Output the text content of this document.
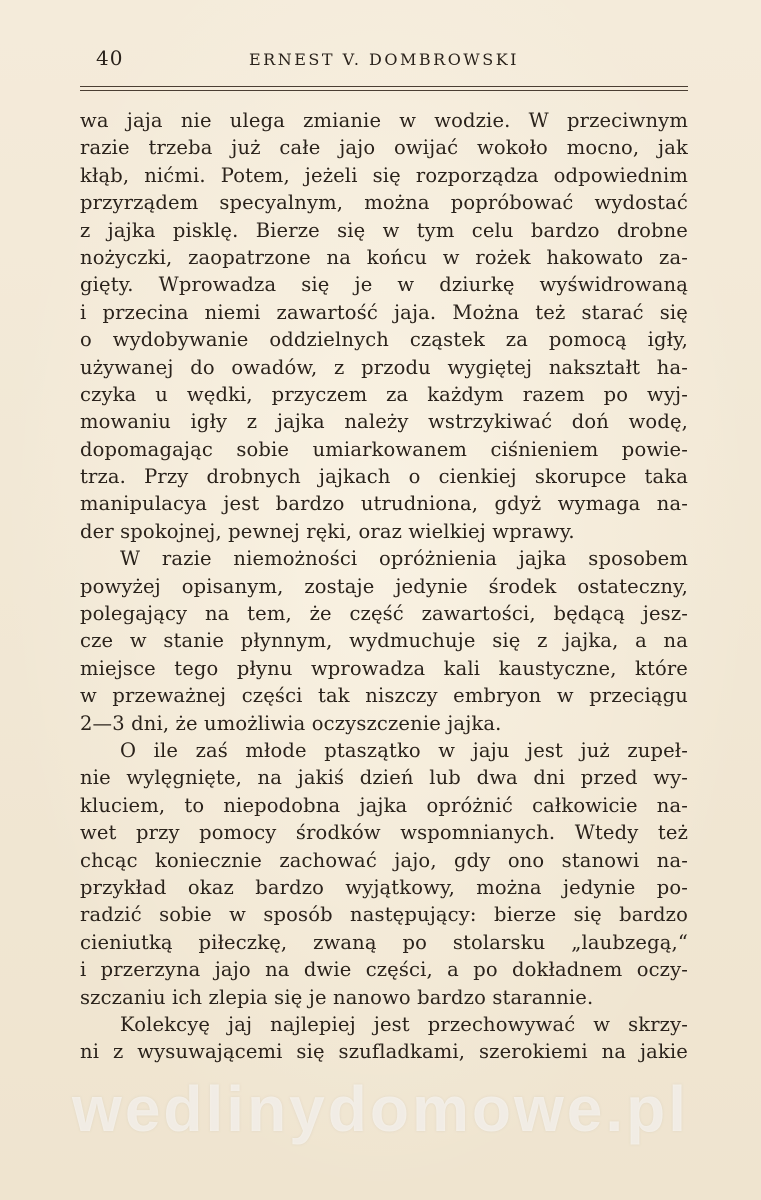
40	ERNEST V. DOMBROWSKI
wa jaja nie ulega zmianie w wodzie. W przeciwnym
razie trzeba już całe jajo owijać wokoło mocno, jak
kłąb, nićmi. Potem, jeżeli się rozporządza odpowiednim
przyrządem specyalnym, można popróbować wydostać
z jajka pisklę. Bierze się w tym celu bardzo drobne
nożyczki, zaopatrzone na końcu w rożek hakowato za-
gięty. Wprowadza się je w dziurkę wyświdrowaną
i przecina niemi zawartość jaja. Można też starać się
o wydobywanie oddzielnych cząstek za pomocą igły,
używanej do owadów, z przodu wygiętej nakształt ha-
czyka u wędki, przyczem za każdym razem po wyj-
mowaniu igły z jajka należy wstrzykiwać doń wodę,
dopomagając sobie umiarkowanem ciśnieniem powie-
trza. Przy drobnych jajkach o cienkiej skorupce taka
manipulacya jest bardzo utrudniona, gdyż wymaga na-
der spokojnej, pewnej ręki, oraz wielkiej wprawy.
W razie niemożności opróżnienia jajka sposobem
powyżej opisanym, zostaje jedynie środek ostateczny,
polegający na tem, że część zawartości, będącą jesz-
cze w stanie płynnym, wydmuchuje się z jajka, a na
miejsce tego płynu wprowadza kali kaustyczne, które
w przeważnej części tak niszczy embryon w przeciągu
2—3 dni, że umożliwia oczyszczenie jajka.
O ile zaś młode ptaszątko w jaju jest już zupeł-
nie wylęgnięte, na jakiś dzień lub dwa dni przed wy-
kluciem, to niepodobna jajka opróżnić całkowicie na-
wet przy pomocy środków wspomnianych. Wtedy też
chcąc koniecznie zachować jajo, gdy ono stanowi na-
przykład okaz bardzo wyjątkowy, można jedynie po-
radzić sobie w sposób następujący: bierze się bardzo
cieniutką piłeczkę, zwaną po stolarsku „laubzegą,“
i przerzyna jajo na dwie części, a po dokładnem oczy-
szczaniu ich zlepia się je nanowo bardzo starannie.
Kolekcyę jaj najlepiej jest przechowywać w skrzy-
ni z wysuwającemi się szufladkami, szerokiemi na jakie
wedlinydomowe.pl
